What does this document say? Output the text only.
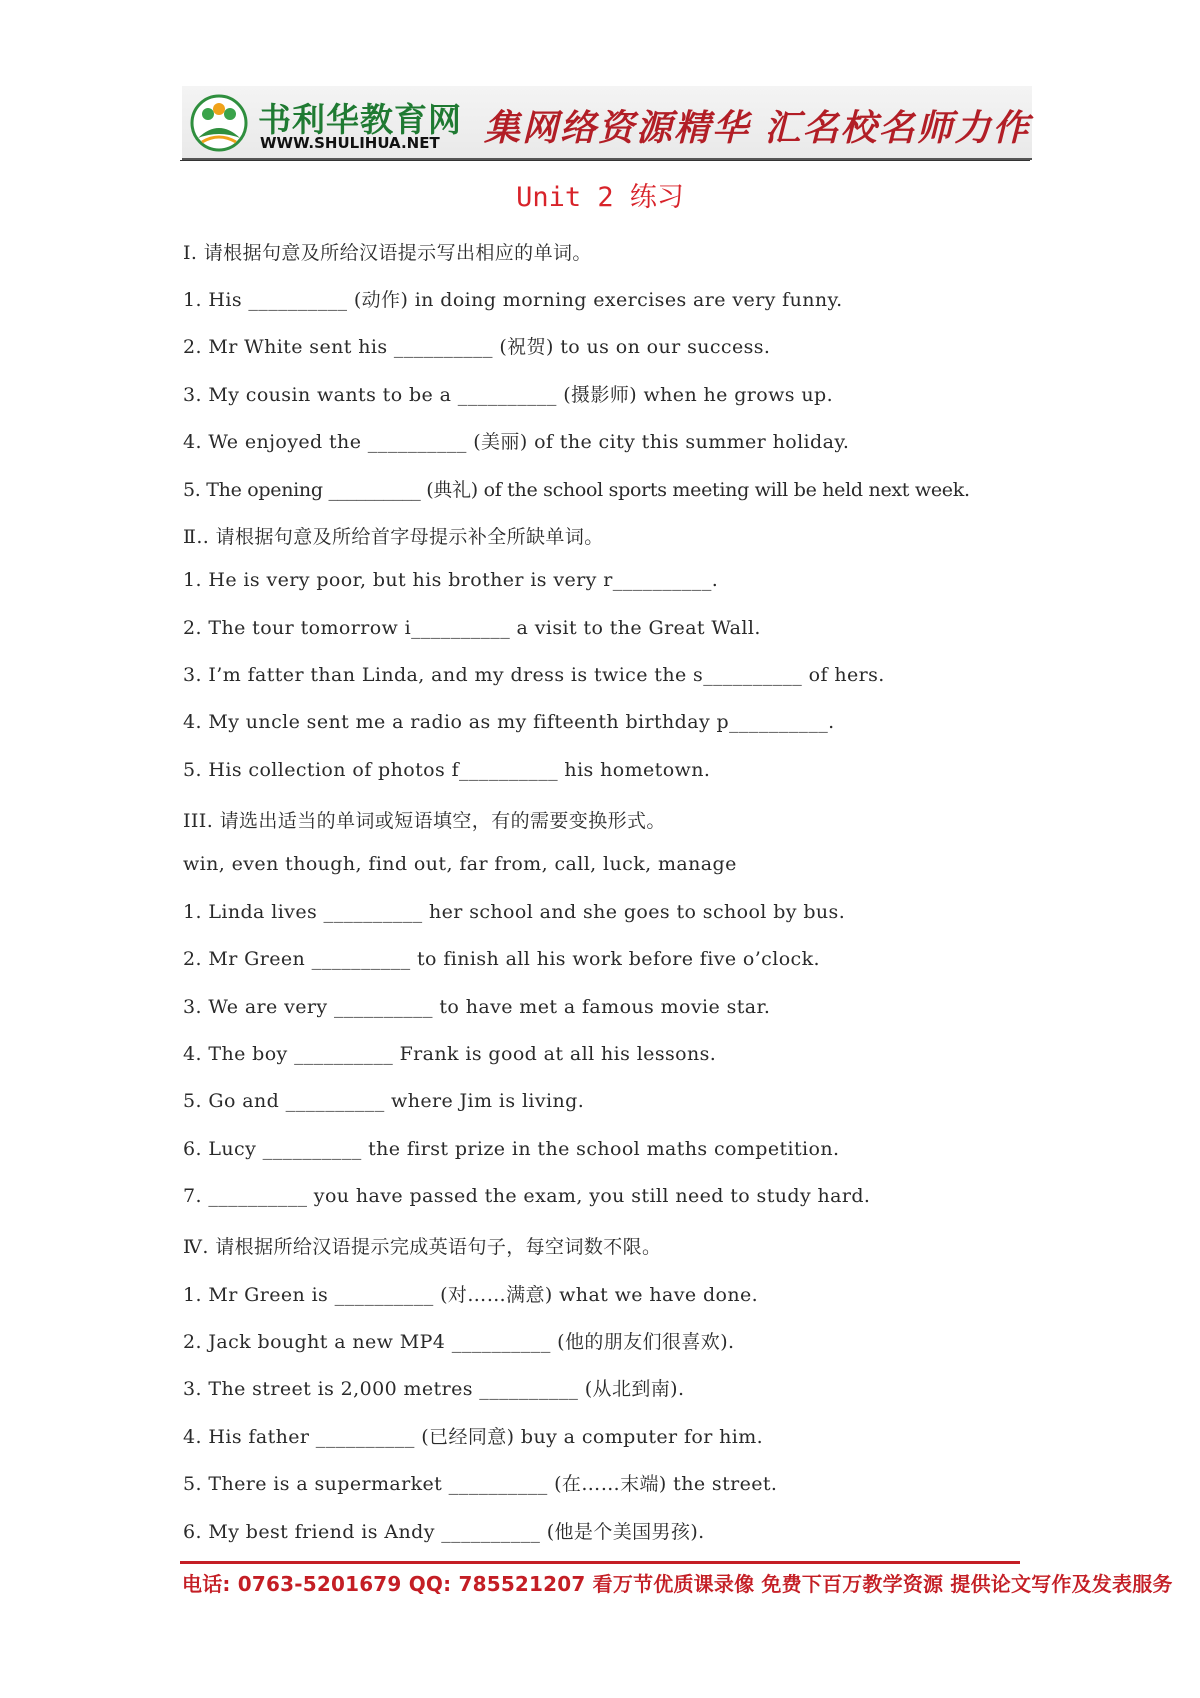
书利华教育网
WWW.SHULIHUA.NET 集网络资源精华 汇名校名师力作
Unit 2 练习
Ⅰ. 请根据句意及所给汉语提示写出相应的单词。
1. His __________ (动作) in doing morning exercises are very funny.
2. Mr White sent his __________ (祝贺) to us on our success.
3. My cousin wants to be a __________ (摄影师) when he grows up.
4. We enjoyed the __________ (美丽) of the city this summer holiday.
5. The opening __________ (典礼) of the school sports meeting will be held next week.
Ⅱ.. 请根据句意及所给首字母提示补全所缺单词。
1. He is very poor, but his brother is very r__________.
2. The tour tomorrow i__________ a visit to the Great Wall.
3. I’m fatter than Linda, and my dress is twice the s__________ of hers.
4. My uncle sent me a radio as my fifteenth birthday p__________.
5. His collection of photos f__________ his hometown.
III. 请选出适当的单词或短语填空，有的需要变换形式。
win, even though, find out, far from, call, luck, manage
1. Linda lives __________ her school and she goes to school by bus.
2. Mr Green __________ to finish all his work before five o’clock.
3. We are very __________ to have met a famous movie star.
4. The boy __________ Frank is good at all his lessons.
5. Go and __________ where Jim is living.
6. Lucy __________ the first prize in the school maths competition.
7. __________ you have passed the exam, you still need to study hard.
Ⅳ. 请根据所给汉语提示完成英语句子，每空词数不限。
1. Mr Green is __________ (对……满意) what we have done.
2. Jack bought a new MP4 __________ (他的朋友们很喜欢).
3. The street is 2,000 metres __________ (从北到南).
4. His father __________ (已经同意) buy a computer for him.
5. There is a supermarket __________ (在……末端) the street.
6. My best friend is Andy __________ (他是个美国男孩).
电话: 0763-5201679 QQ: 785521207 看万节优质课录像 免费下百万教学资源 提供论文写作及发表服务
